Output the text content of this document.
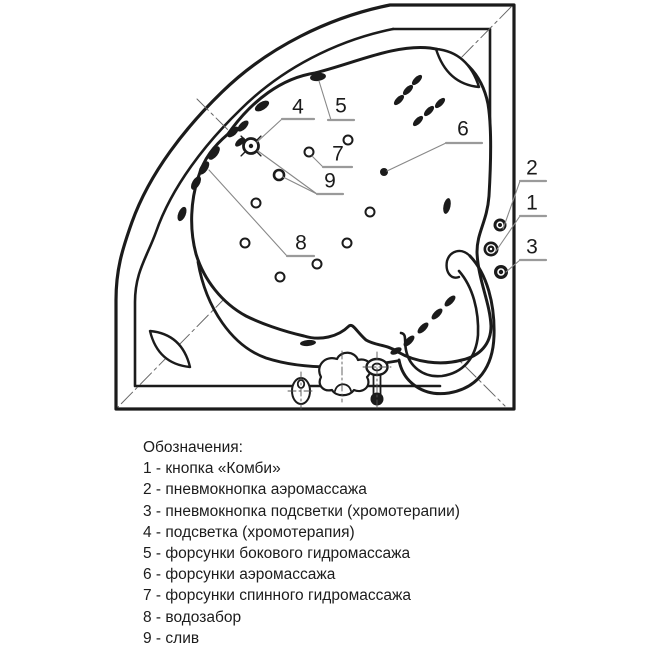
1
2
3
4 5
6
7
8
9
Обозначения:
1 - кнопка «Комби»
2 - пневмокнопка аэромассажа
3 - пневмокнопка подсветки (хромотерапии)
4 - подсветка (хромотерапия)
5 - форсунки бокового гидромассажа
6 - форсунки аэромассажа
7 - форсунки спинного гидромассажа
8 - водозабор
9 - слив
